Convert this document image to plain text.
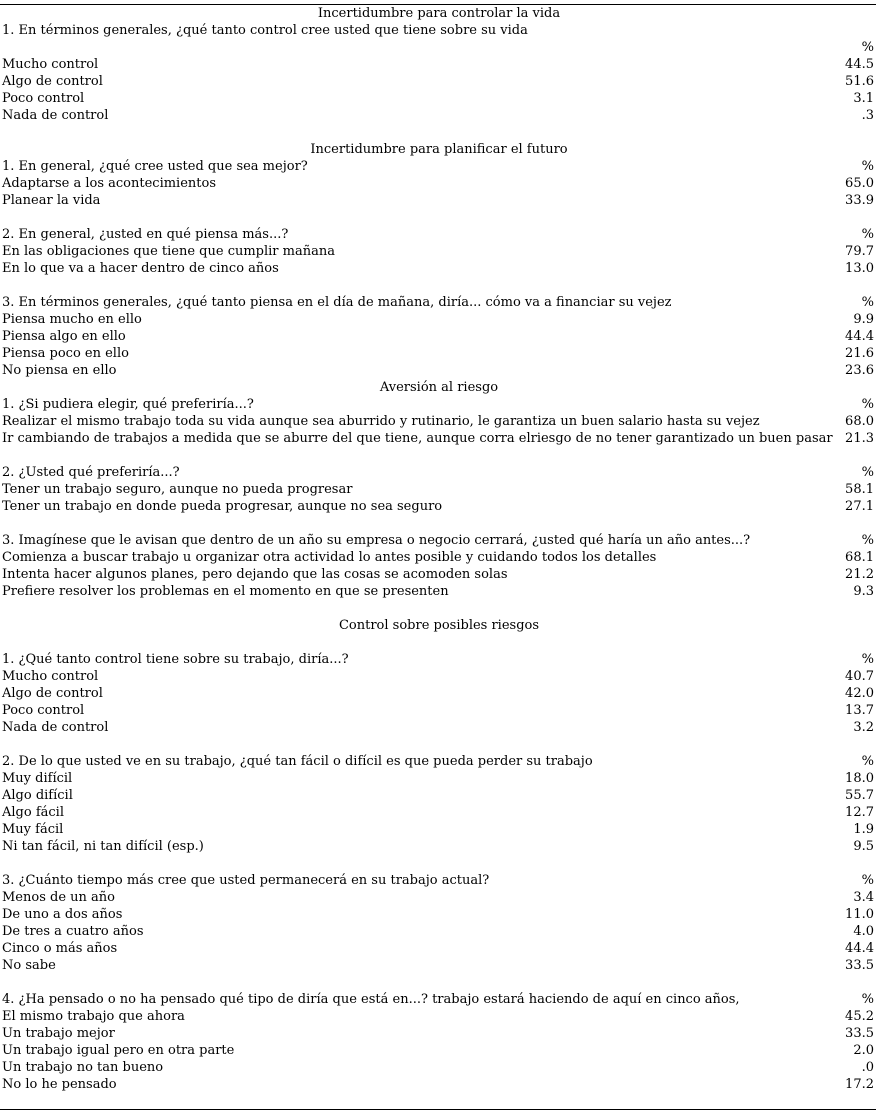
Incertidumbre para controlar la vida
1. En términos generales, ¿qué tanto control cree usted que tiene sobre su vida
%
Mucho control	44.5
Algo de control	51.6
Poco control	3.1
Nada de control	.3
Incertidumbre para planificar el futuro
1. En general, ¿qué cree usted que sea mejor?	%
Adaptarse a los acontecimientos	65.0
Planear la vida	33.9
2. En general, ¿usted en qué piensa más...?	%
En las obligaciones que tiene que cumplir mañana	79.7
En lo que va a hacer dentro de cinco años	13.0
3. En términos generales, ¿qué tanto piensa en el día de mañana, diría... cómo va a financiar su vejez	%
Piensa mucho en ello	9.9
Piensa algo en ello	44.4
Piensa poco en ello	21.6
No piensa en ello	23.6
Aversión al riesgo
1. ¿Si pudiera elegir, qué preferiría...?	%
Realizar el mismo trabajo toda su vida aunque sea aburrido y rutinario, le garantiza un buen salario hasta su vejez	68.0
Ir cambiando de trabajos a medida que se aburre del que tiene, aunque corra elriesgo de no tener garantizado un buen pasar 21.3
2. ¿Usted qué preferiría...?	%
Tener un trabajo seguro, aunque no pueda progresar	58.1
Tener un trabajo en donde pueda progresar, aunque no sea seguro	27.1
3. Imagínese que le avisan que dentro de un año su empresa o negocio cerrará, ¿usted qué haría un año antes...?	%
Comienza a buscar trabajo u organizar otra actividad lo antes posible y cuidando todos los detalles	68.1
Intenta hacer algunos planes, pero dejando que las cosas se acomoden solas	21.2
Prefiere resolver los problemas en el momento en que se presenten	9.3
Control sobre posibles riesgos
1. ¿Qué tanto control tiene sobre su trabajo, diría...?	%
Mucho control	40.7
Algo de control	42.0
Poco control	13.7
Nada de control	3.2
2. De lo que usted ve en su trabajo, ¿qué tan fácil o difícil es que pueda perder su trabajo	%
Muy difícil	18.0
Algo difícil	55.7
Algo fácil	12.7
Muy fácil	1.9
Ni tan fácil, ni tan difícil (esp.)	9.5
3. ¿Cuánto tiempo más cree que usted permanecerá en su trabajo actual?	%
Menos de un año	3.4
De uno a dos años	11.0
De tres a cuatro años	4.0
Cinco o más años	44.4
No sabe	33.5
4. ¿Ha pensado o no ha pensado qué tipo de diría que está en...? trabajo estará haciendo de aquí en cinco años,	%
El mismo trabajo que ahora	45.2
Un trabajo mejor	33.5
Un trabajo igual pero en otra parte	2.0
Un trabajo no tan bueno	.0
No lo he pensado	17.2
